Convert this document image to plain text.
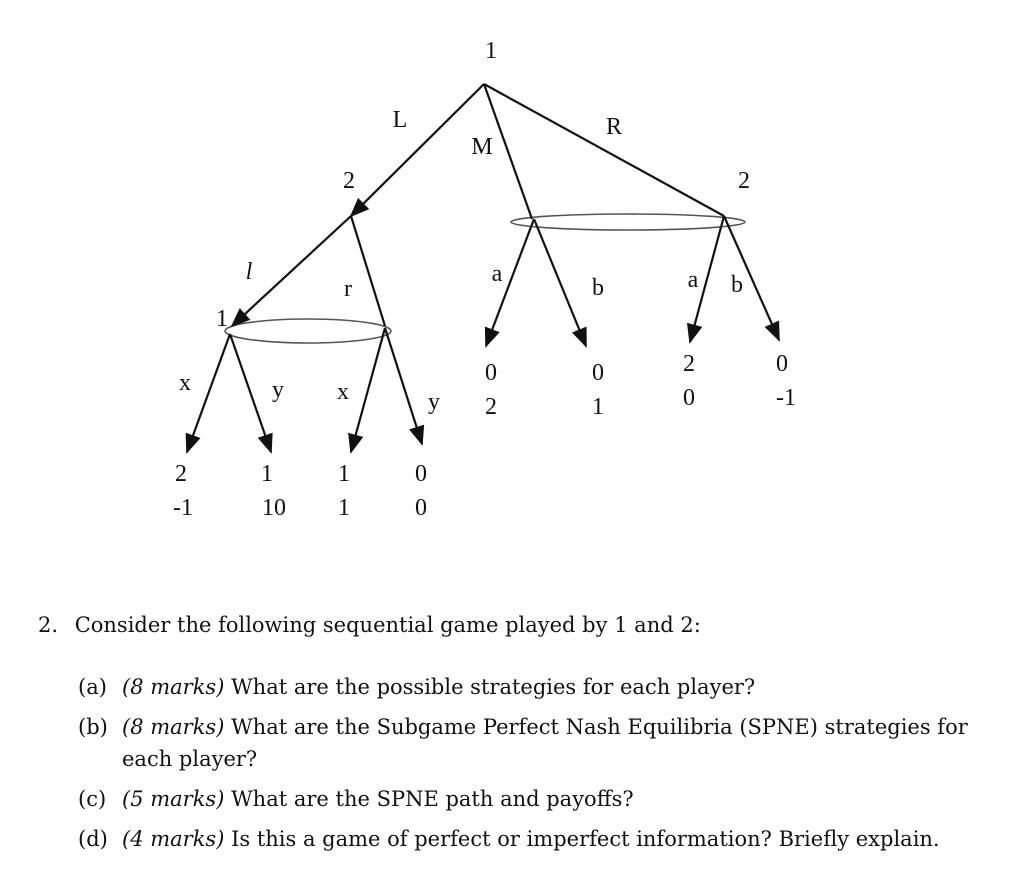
1
2	2
1
L
M
R
l
r
x	y x	y
a
b	a b
2
-1
1
10
1
1
0
0
0
2
0
1
2
0
0
-1
2. Consider the following sequential game played by 1 and 2:
(a) (8 marks) What are the possible strategies for each player?
(b) (8 marks) What are the Subgame Perfect Nash Equilibria (SPNE) strategies for each player?
(c) (5 marks) What are the SPNE path and payoffs?
(d) (4 marks) Is this a game of perfect or imperfect information? Briefly explain.
